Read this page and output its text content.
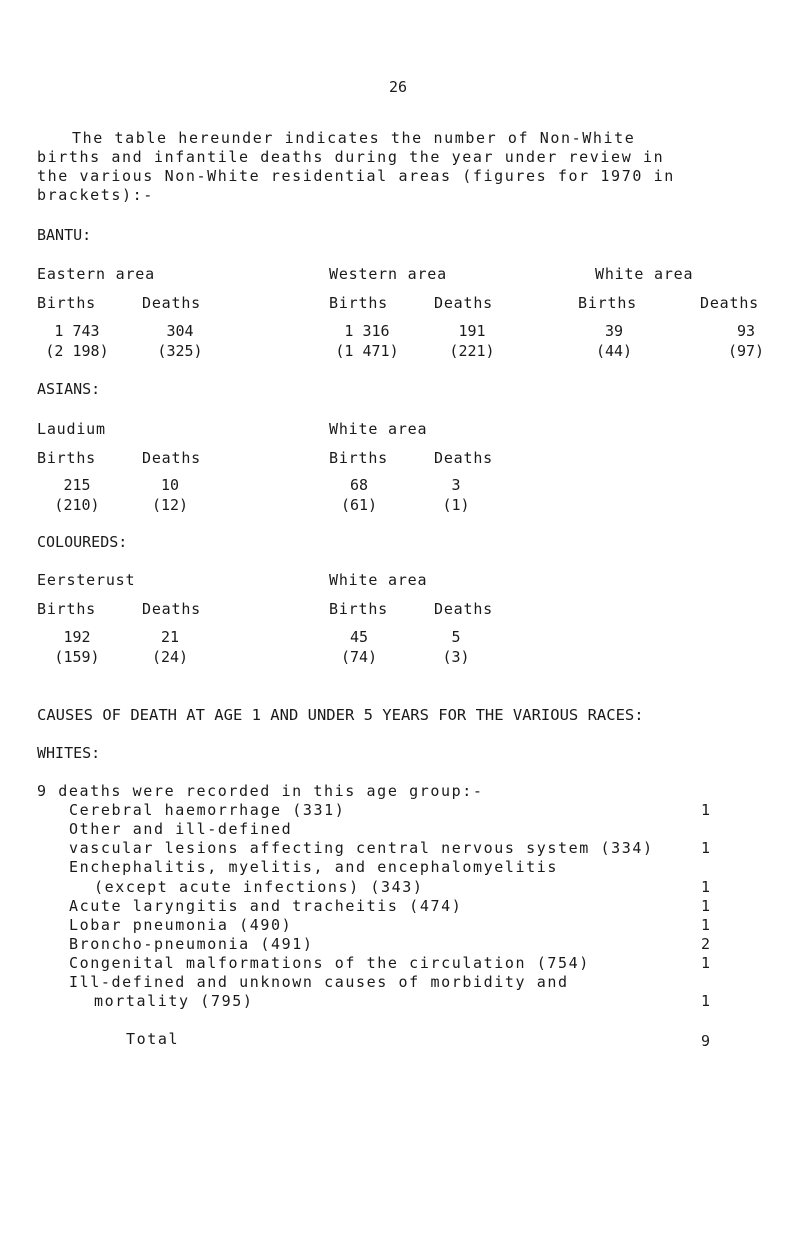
26
The table hereunder indicates the number of Non-White
births and infantile deaths during the year under review in
the various Non-White residential areas (figures for 1970 in
brackets):-
BANTU:
Eastern area
Births	Deaths
1 743	304
(2 198)	(325)
Western area
Births	Deaths
1 316	191
(1 471)	(221)
White area
Births	Deaths
39	93
(44)	(97)
ASIANS:
Laudium
Births	Deaths
215	10
(210)	(12)
White area
Births	Deaths
68	3
(61)	(1)
COLOUREDS:
Eersterust
Births	Deaths
192	21
(159)	(24)
White area
Births	Deaths
45	5
(74)	(3)
CAUSES OF DEATH AT AGE 1 AND UNDER 5 YEARS FOR THE VARIOUS RACES:
WHITES:
9 deaths were recorded in this age group:-
Cerebral haemorrhage (331)	1
Other and ill-defined
vascular lesions affecting central nervous system (334)	1
Enchephalitis, myelitis, and encephalomyelitis
(except acute infections) (343)	1
Acute laryngitis and tracheitis (474)	1
Lobar pneumonia (490)	1
Broncho-pneumonia (491)	2
Congenital malformations of the circulation (754)	1
Ill-defined and unknown causes of morbidity and
mortality (795)	1
Total	9
